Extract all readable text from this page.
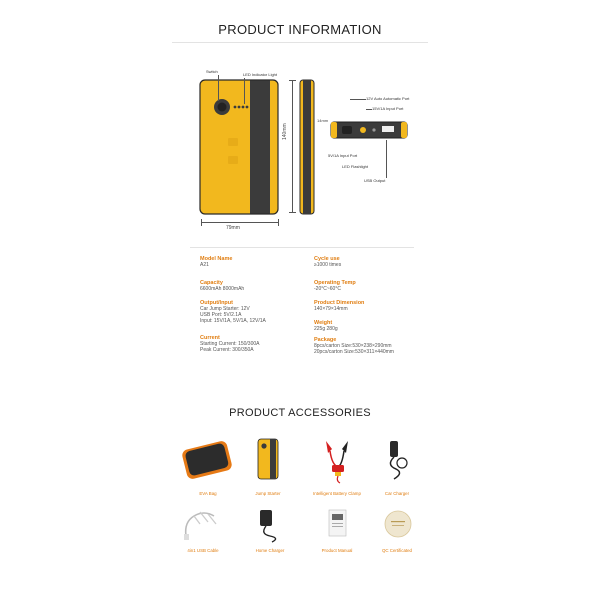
PRODUCT INFORMATION
Switch
LED Indicator Light
79mm
140mm
14mm
12V Auto Automatic Port
15V/1A Input Port
5V/1A Input Port
LED Flashlight
USB Output
Model Name
A21
Capacity
6600mAh 8000mAh
Output/Input
Car Jump Starter: 12V
USB Port: 5V/2.1A
Input: 15V/1A, 5V/1A, 12V/1A
Current
Starting Current: 150/300A
Peak Current: 300/350A
Cycle use
≥1000 times
Operating Temp
-20°C~60°C
Product Dimension
140×79×14mm
Weight
225g 280g
Package
8pcs/carton Size:530×238×290mm
20pcs/carton Size:530×311×440mm
PRODUCT ACCESSORIES
EVA Bag	Jump Starter	Intelligent Battery Clamp	Car Charger
4in1 USB Cable	Home Charger	Product Manual	QC Certificated
